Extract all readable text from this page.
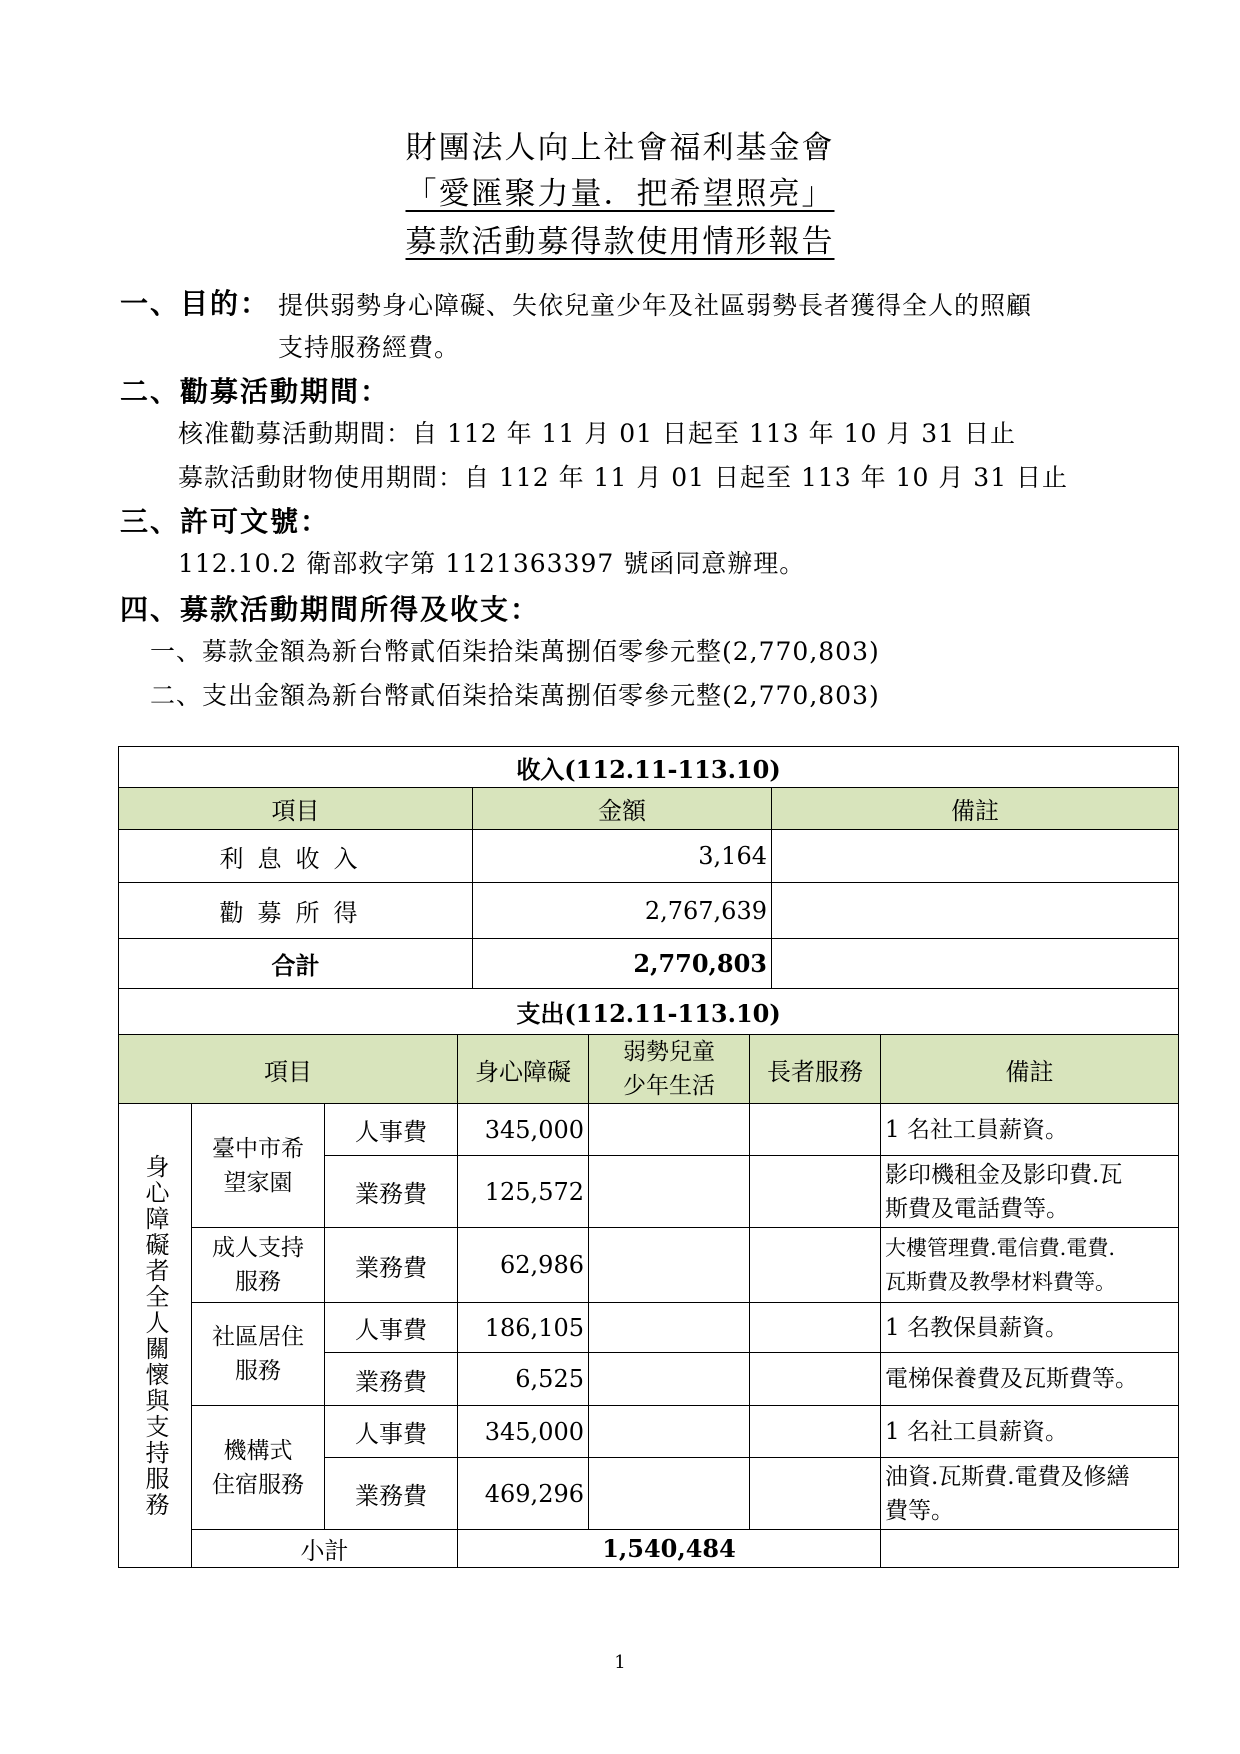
財團法人向上社會福利基金會
「愛匯聚力量．把希望照亮」
募款活動募得款使用情形報告
一、目的： 提供弱勢身心障礙、失依兒童少年及社區弱勢長者獲得全人的照顧
支持服務經費。
二、勸募活動期間：
核准勸募活動期間：自 112 年 11 月 01 日起至 113 年 10 月 31 日止
募款活動財物使用期間：自 112 年 11 月 01 日起至 113 年 10 月 31 日止
三、許可文號：
112.10.2 衛部救字第 1121363397 號函同意辦理。
四、募款活動期間所得及收支：
一、募款金額為新台幣貳佰柒拾柒萬捌佰零參元整(2,770,803)
二、支出金額為新台幣貳佰柒拾柒萬捌佰零參元整(2,770,803)
收入(112.11-113.10)		
項目	金額	備註
利息收入	3,164	
勸募所得	2,767,639	
合計	2,770,803	
支出(112.11-113.10)						
項目			身心障礙	弱勢兒童
少年生活	長者服務	備註

身心障礙者全人關懷與支持服務	臺中市希
望家園	人事費	345,000			1 名社工員薪資。
		業務費	125,572			影印機租金及影印費.瓦
斯費及電話費等。
	成人支持
服務	業務費	62,986			大樓管理費.電信費.電費.
瓦斯費及教學材料費等。
	社區居住
服務	人事費	186,105			1 名教保員薪資。
		業務費	6,525			電梯保養費及瓦斯費等。
	機構式
住宿服務	人事費	345,000			1 名社工員薪資。
		業務費	469,296			油資.瓦斯費.電費及修繕
費等。
	小計		1,540,484			
1
